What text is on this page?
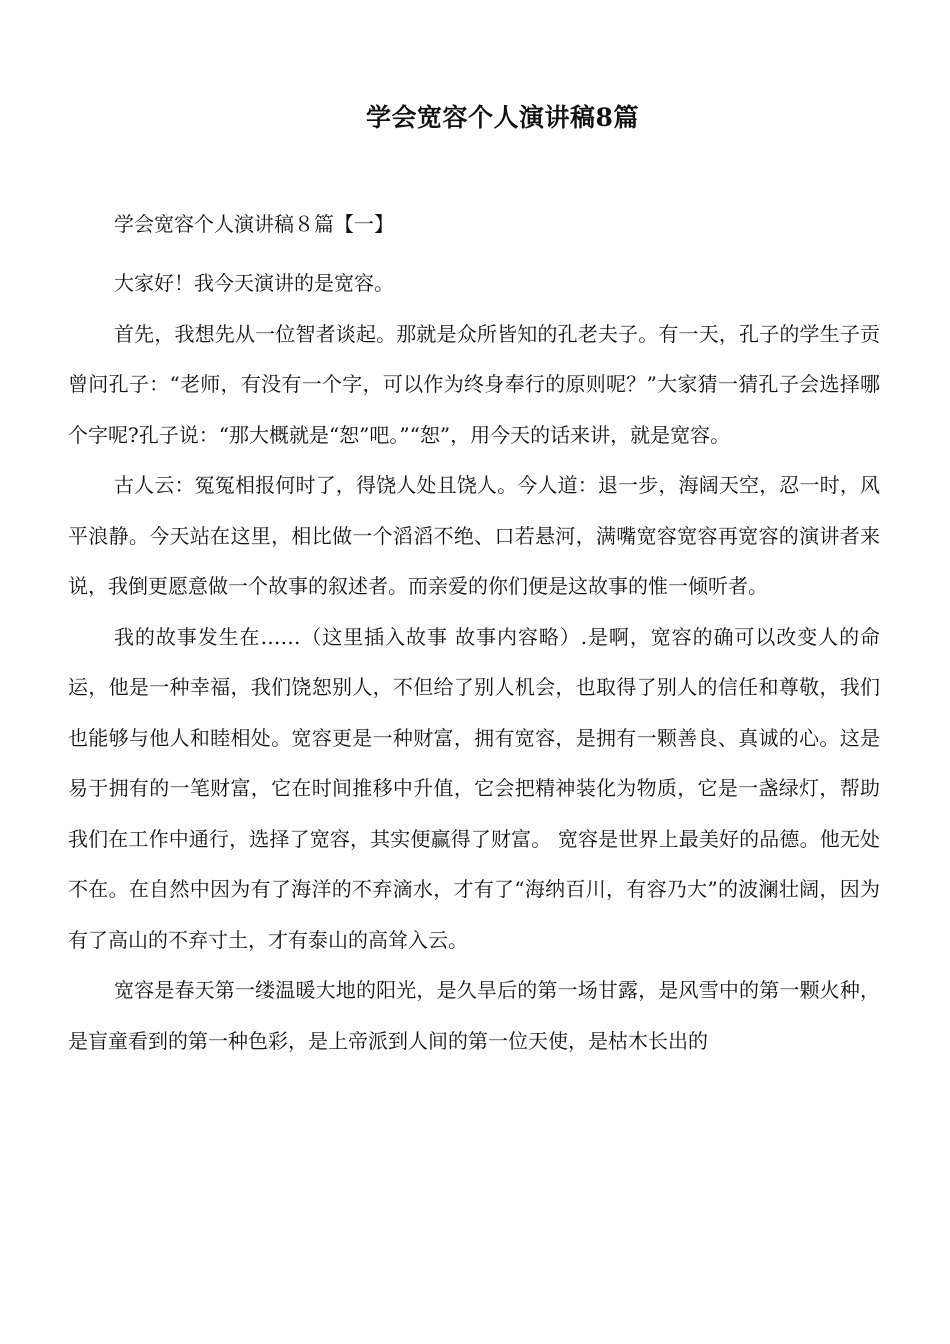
学会宽容个人演讲稿8篇

学会宽容个人演讲稿８篇【一】

大家好！我今天演讲的是宽容。

首先，我想先从一位智者谈起。那就是众所皆知的孔老夫子。有一天，孔子的学生子贡曾问孔子：“老师，有没有一个字，可以作为终身奉行的原则呢？”大家猜一猜孔子会选择哪个字呢?孔子说：“那大概就是“恕”吧。”“恕”，用今天的话来讲，就是宽容。

古人云：冤冤相报何时了，得饶人处且饶人。今人道：退一步，海阔天空，忍一时，风平浪静。今天站在这里，相比做一个滔滔不绝、口若悬河，满嘴宽容宽容再宽容的演讲者来说，我倒更愿意做一个故事的叙述者。而亲爱的你们便是这故事的惟一倾听者。

我的故事发生在……（这里插入故事 故事内容略）.是啊，宽容的确可以改变人的命运，他是一种幸福，我们饶恕别人，不但给了别人机会，也取得了别人的信任和尊敬，我们也能够与他人和睦相处。宽容更是一种财富，拥有宽容，是拥有一颗善良、真诚的心。这是易于拥有的一笔财富，它在时间推移中升值，它会把精神装化为物质，它是一盏绿灯，帮助我们在工作中通行，选择了宽容，其实便赢得了财富。 宽容是世界上最美好的品德。他无处不在。在自然中因为有了海洋的不弃滴水，才有了“海纳百川，有容乃大”的波澜壮阔，因为有了高山的不弃寸土，才有泰山的高耸入云。

宽容是春天第一缕温暖大地的阳光，是久旱后的第一场甘露，是风雪中的第一颗火种，是盲童看到的第一种色彩，是上帝派到人间的第一位天使，是枯木长出的
